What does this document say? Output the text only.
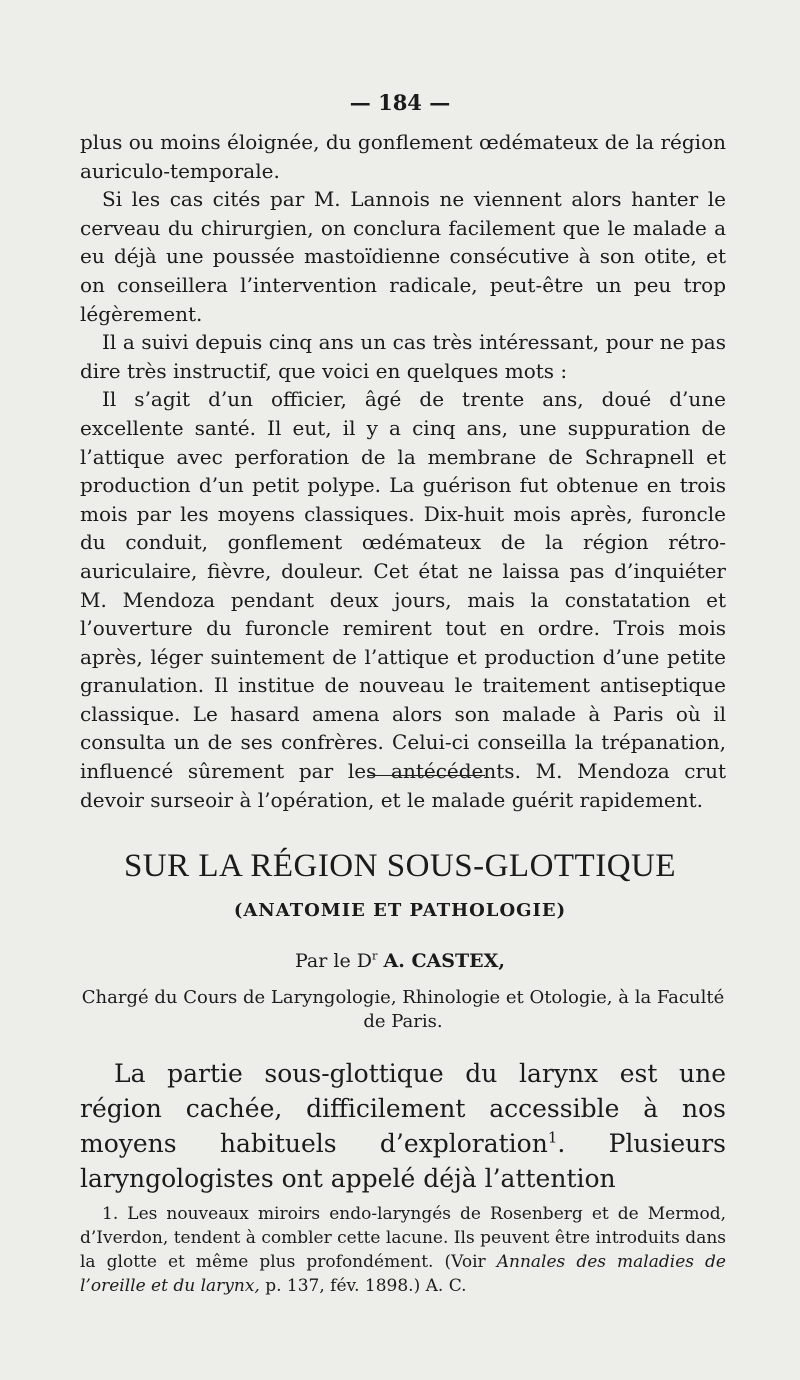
— 184 —

plus ou moins éloignée, du gonflement œdémateux de la région auriculo-temporale.

Si les cas cités par M. Lannois ne viennent alors hanter le cerveau du chirurgien, on conclura facilement que le malade a eu déjà une poussée mastoïdienne consécutive à son otite, et on conseillera l’intervention radicale, peut-être un peu trop légèrement.

Il a suivi depuis cinq ans un cas très intéressant, pour ne pas dire très instructif, que voici en quelques mots :

Il s’agit d’un officier, âgé de trente ans, doué d’une excellente santé. Il eut, il y a cinq ans, une suppuration de l’attique avec perforation de la membrane de Schrapnell et production d’un petit polype. La guérison fut obtenue en trois mois par les moyens classiques. Dix-huit mois après, furoncle du conduit, gonflement œdémateux de la région rétro-auriculaire, fièvre, douleur. Cet état ne laissa pas d’inquiéter M. Mendoza pendant deux jours, mais la constatation et l’ouverture du furoncle remirent tout en ordre. Trois mois après, léger suintement de l’attique et production d’une petite granulation. Il institue de nouveau le traitement antiseptique classique. Le hasard amena alors son malade à Paris où il consulta un de ses confrères. Celui-ci conseilla la trépanation, influencé sûrement par les antécédents. M. Mendoza crut devoir surseoir à l’opération, et le malade guérit rapidement.

SUR LA RÉGION SOUS-GLOTTIQUE
(ANATOMIE ET PATHOLOGIE)
Par le $D^r$ A. CASTEX,
Chargé du Cours de Laryngologie, Rhinologie et Otologie, à la Faculté de Paris.

La partie sous-glottique du larynx est une région cachée, difficilement accessible à nos moyens habituels d’exploration$^1$. Plusieurs laryngologistes ont appelé déjà l’attention

1. Les nouveaux miroirs endo-laryngés de Rosenberg et de Mermod, d’Iverdon, tendent à combler cette lacune. Ils peuvent être introduits dans la glotte et même plus profondément. (Voir Annales des maladies de l’oreille et du larynx, p. 137, fév. 1898.) A. C.
